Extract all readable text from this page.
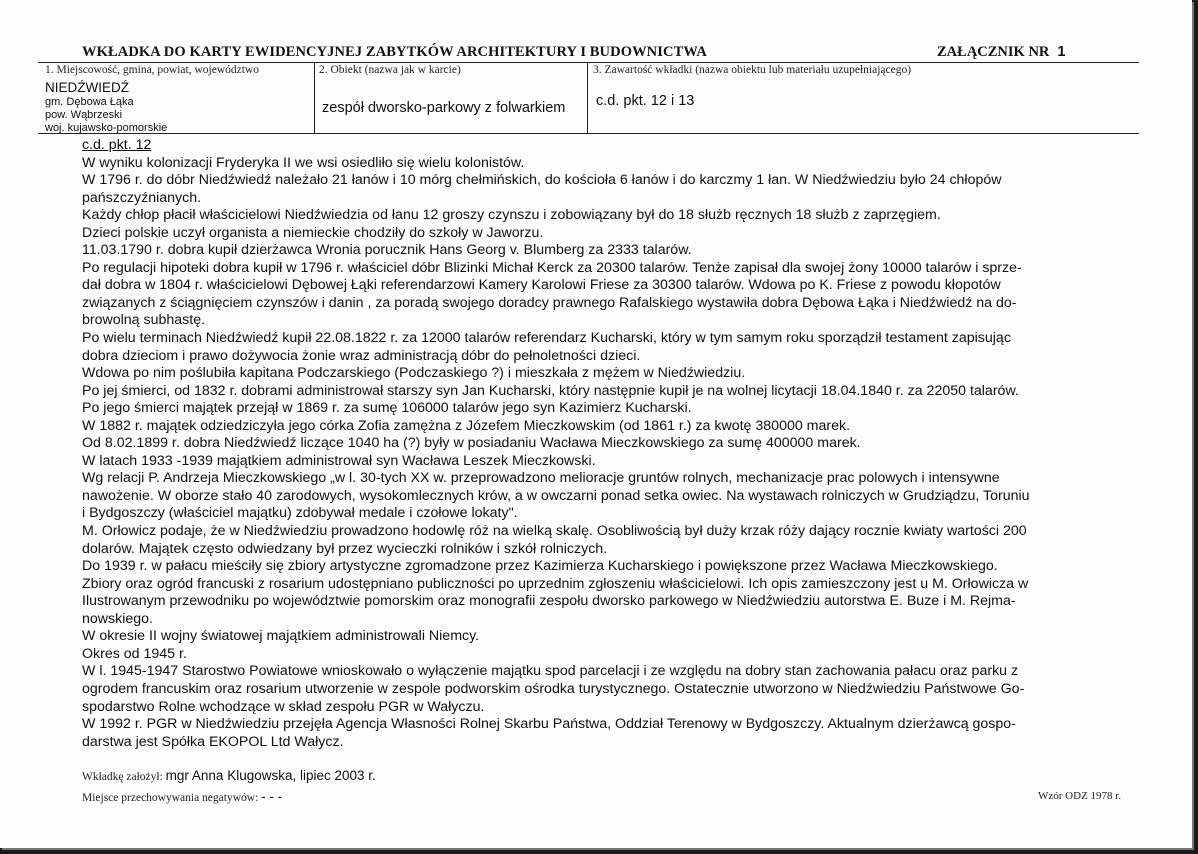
WKŁADKA DO KARTY EWIDENCYJNEJ ZABYTKÓW ARCHITEKTURY I BUDOWNICTWA	ZAŁĄCZNIK NR 1
1. Miejscowość, gmina, powiat, województwo
NIEDŹWIEDŹ
gm. Dębowa Łąka
pow. Wąbrzeski
woj. kujawsko-pomorskie
2. Obiekt (nazwa jak w karcie)
zespół dworsko-parkowy z folwarkiem
3. Zawartość wkładki (nazwa obiektu lub materiału uzupełniającego)
c.d. pkt. 12 i 13
c.d. pkt. 12
W wyniku kolonizacji Fryderyka II we wsi osiedliło się wielu kolonistów.
W 1796 r. do dóbr Niedźwiedź należało 21 łanów i 10 mórg chełmińskich, do kościoła 6 łanów i do karczmy 1 łan. W Niedźwiedziu było 24 chłopów
pańszczyźnianych.
Każdy chłop płacił właścicielowi Niedźwiedzia od łanu 12 groszy czynszu i zobowiązany był do 18 służb ręcznych 18 służb z zaprzęgiem.
Dzieci polskie uczył organista a niemieckie chodziły do szkoły w Jaworzu.
11.03.1790 r. dobra kupił dzierżawca Wronia porucznik Hans Georg v. Blumberg za 2333 talarów.
Po regulacji hipoteki dobra kupił w 1796 r. właściciel dóbr Blizinki Michał Kerck za 20300 talarów. Tenże zapisał dla swojej żony 10000 talarów i sprze-
dał dobra w 1804 r. właścicielowi Dębowej Łąki referendarzowi Kamery Karolowi Friese za 30300 talarów. Wdowa po K. Friese z powodu kłopotów
związanych z ściągnięciem czynszów i danin , za poradą swojego doradcy prawnego Rafalskiego wystawiła dobra Dębowa Łąka i Niedźwiedź na do-
browolną subhastę.
Po wielu terminach Niedźwiedź kupił 22.08.1822 r. za 12000 talarów referendarz Kucharski, który w tym samym roku sporządził testament zapisując
dobra dzieciom i prawo dożywocia żonie wraz administracją dóbr do pełnoletności dzieci.
Wdowa po nim poślubiła kapitana Podczarskiego (Podczaskiego ?) i mieszkała z mężem w Niedźwiedziu.
Po jej śmierci, od 1832 r. dobrami administrował starszy syn Jan Kucharski, który następnie kupił je na wolnej licytacji 18.04.1840 r. za 22050 talarów.
Po jego śmierci majątek przejął w 1869 r. za sumę 106000 talarów jego syn Kazimierz Kucharski.
W 1882 r. majątek odziedziczyła jego córka Zofia zamężna z Józefem Mieczkowskim (od 1861 r.) za kwotę 380000 marek.
Od 8.02.1899 r. dobra Niedźwiedź liczące 1040 ha (?) były w posiadaniu Wacława Mieczkowskiego za sumę 400000 marek.
W latach 1933 -1939 majątkiem administrował syn Wacława Leszek Mieczkowski.
Wg relacji P. Andrzeja Mieczkowskiego „w l. 30-tych XX w. przeprowadzono melioracje gruntów rolnych, mechanizacje prac polowych i intensywne
nawożenie. W oborze stało 40 zarodowych, wysokomlecznych krów, a w owczarni ponad setka owiec. Na wystawach rolniczych w Grudziądzu, Toruniu
i Bydgoszczy (właściciel majątku) zdobywał medale i czołowe lokaty".
M. Orłowicz podaje, że w Niedźwiedziu prowadzono hodowlę róż na wielką skalę. Osobliwością był duży krzak róży dający rocznie kwiaty wartości 200
dolarów. Majątek często odwiedzany był przez wycieczki rolników i szkół rolniczych.
Do 1939 r. w pałacu mieściły się zbiory artystyczne zgromadzone przez Kazimierza Kucharskiego i powiększone przez Wacława Mieczkowskiego.
Zbiory oraz ogród francuski z rosarium udostępniano publiczności po uprzednim zgłoszeniu właścicielowi. Ich opis zamieszczony jest u M. Orłowicza w
Ilustrowanym przewodniku po województwie pomorskim oraz monografii zespołu dworsko parkowego w Niedźwiedziu autorstwa E. Buze i M. Rejma-
nowskiego.
W okresie II wojny światowej majątkiem administrowali Niemcy.
Okres od 1945 r.
W l. 1945-1947 Starostwo Powiatowe wnioskowało o wyłączenie majątku spod parcelacji i ze względu na dobry stan zachowania pałacu oraz parku z
ogrodem francuskim oraz rosarium utworzenie w zespole podworskim ośrodka turystycznego. Ostatecznie utworzono w Niedźwiedziu Państwowe Go-
spodarstwo Rolne wchodzące w skład zespołu PGR w Wałyczu.
W 1992 r. PGR w Niedźwiedziu przejęła Agencja Własności Rolnej Skarbu Państwa, Oddział Terenowy w Bydgoszczy. Aktualnym dzierżawcą gospo-
darstwa jest Spółka EKOPOL Ltd Wałycz.
Wkładkę założył: mgr Anna Klugowska, lipiec 2003 r.
Miejsce przechowywania negatywów: - - -	Wzór ODZ 1978 r.
